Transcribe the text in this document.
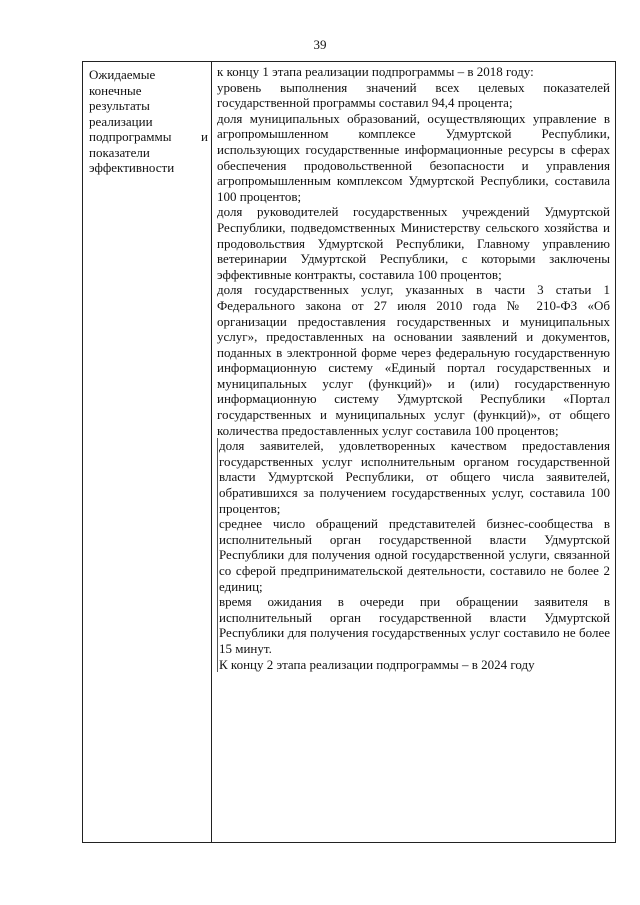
39
Ожидаемые
конечные
результаты
реализации
подпрограммы и
показатели
эффективности

к концу 1 этапа реализации подпрограммы – в 2018 году:

уровень выполнения значений всех целевых показателей государственной программы составил 94,4 процента;

доля муниципальных образований, осуществляющих управление в агропромышленном комплексе Удмуртской Республики, использующих государственные информационные ресурсы в сферах обеспечения продовольственной безопасности и управления агропромышленным комплексом Удмуртской Республики, составила 100 процентов;

доля руководителей государственных учреждений Удмуртской Республики, подведомственных Министерству сельского хозяйства и продовольствия Удмуртской Республики, Главному управлению ветеринарии Удмуртской Республики, с которыми заключены эффективные контракты, составила 100 процентов;

доля государственных услуг, указанных в части 3 статьи 1 Федерального закона от 27 июля 2010 года № 210-ФЗ «Об организации предоставления государственных и муниципальных услуг», предоставленных на основании заявлений и документов, поданных в электронной форме через федеральную государственную информационную систему «Единый портал государственных и муниципальных услуг (функций)» и (или) государственную информационную систему Удмуртской Республики «Портал государственных и муниципальных услуг (функций)», от общего количества предоставленных услуг составила 100 процентов;

доля заявителей, удовлетворенных качеством предоставления государственных услуг исполнительным органом государственной власти Удмуртской Республики, от общего числа заявителей, обратившихся за получением государственных услуг, составила 100 процентов;

среднее число обращений представителей бизнес-сообщества в исполнительный орган государственной власти Удмуртской Республики для получения одной государственной услуги, связанной со сферой предпринимательской деятельности, составило не более 2 единиц;

время ожидания в очереди при обращении заявителя в исполнительный орган государственной власти Удмуртской Республики для получения государственных услуг составило не более 15 минут.

К концу 2 этапа реализации подпрограммы – в 2024 году
